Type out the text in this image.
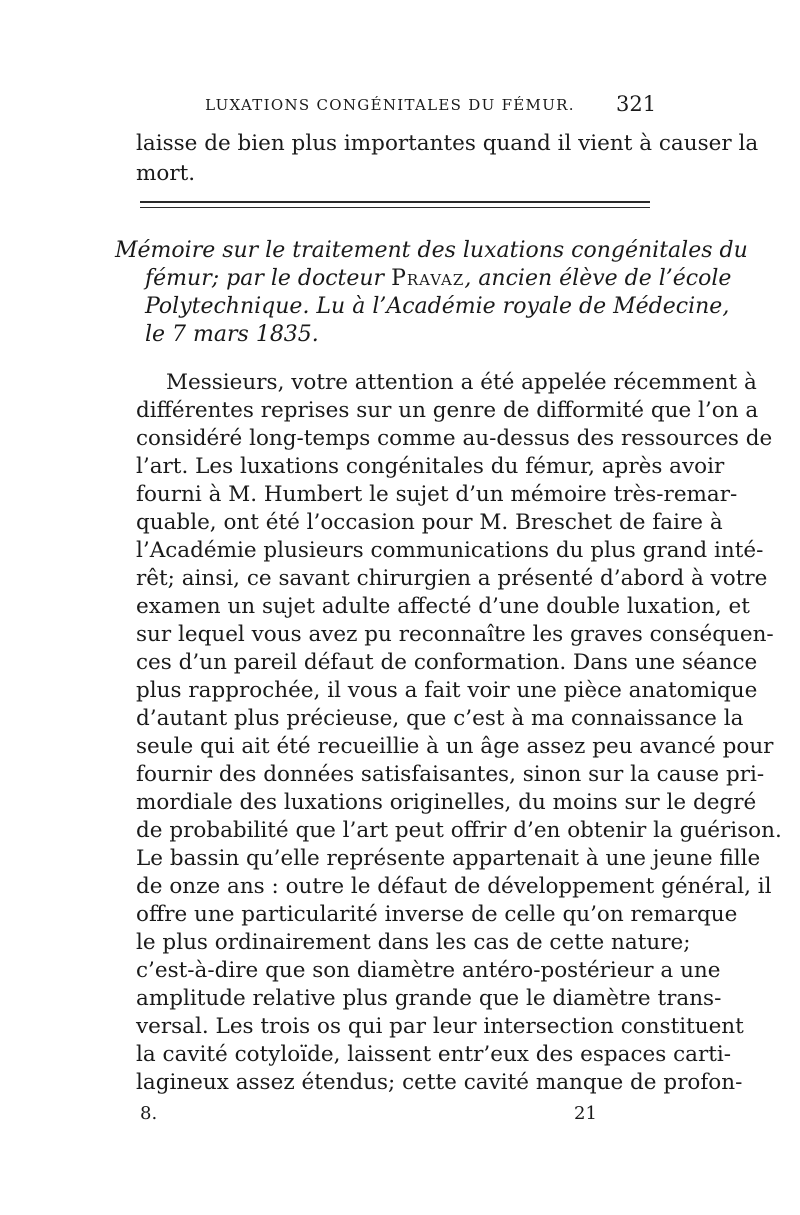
LUXATIONS CONGÉNITALES DU FÉMUR.	321
laisse de bien plus importantes quand il vient à causer la
mort.
Mémoire sur le traitement des luxations congénitales du
fémur; par le docteur Pravaz, ancien élève de l’école
Polytechnique. Lu à l’Académie royale de Médecine,
le 7 mars 1835.
Messieurs, votre attention a été appelée récemment à
différentes reprises sur un genre de difformité que l’on a
considéré long-temps comme au-dessus des ressources de
l’art. Les luxations congénitales du fémur, après avoir
fourni à M. Humbert le sujet d’un mémoire très-remar-
quable, ont été l’occasion pour M. Breschet de faire à
l’Académie plusieurs communications du plus grand inté-
rêt; ainsi, ce savant chirurgien a présenté d’abord à votre
examen un sujet adulte affecté d’une double luxation, et
sur lequel vous avez pu reconnaître les graves conséquen-
ces d’un pareil défaut de conformation. Dans une séance
plus rapprochée, il vous a fait voir une pièce anatomique
d’autant plus précieuse, que c’est à ma connaissance la
seule qui ait été recueillie à un âge assez peu avancé pour
fournir des données satisfaisantes, sinon sur la cause pri-
mordiale des luxations originelles, du moins sur le degré
de probabilité que l’art peut offrir d’en obtenir la guérison.
Le bassin qu’elle représente appartenait à une jeune fille
de onze ans : outre le défaut de développement général, il
offre une particularité inverse de celle qu’on remarque
le plus ordinairement dans les cas de cette nature;
c’est-à-dire que son diamètre antéro-postérieur a une
amplitude relative plus grande que le diamètre trans-
versal. Les trois os qui par leur intersection constituent
la cavité cotyloïde, laissent entr’eux des espaces carti-
lagineux assez étendus; cette cavité manque de profon-
8.	21
